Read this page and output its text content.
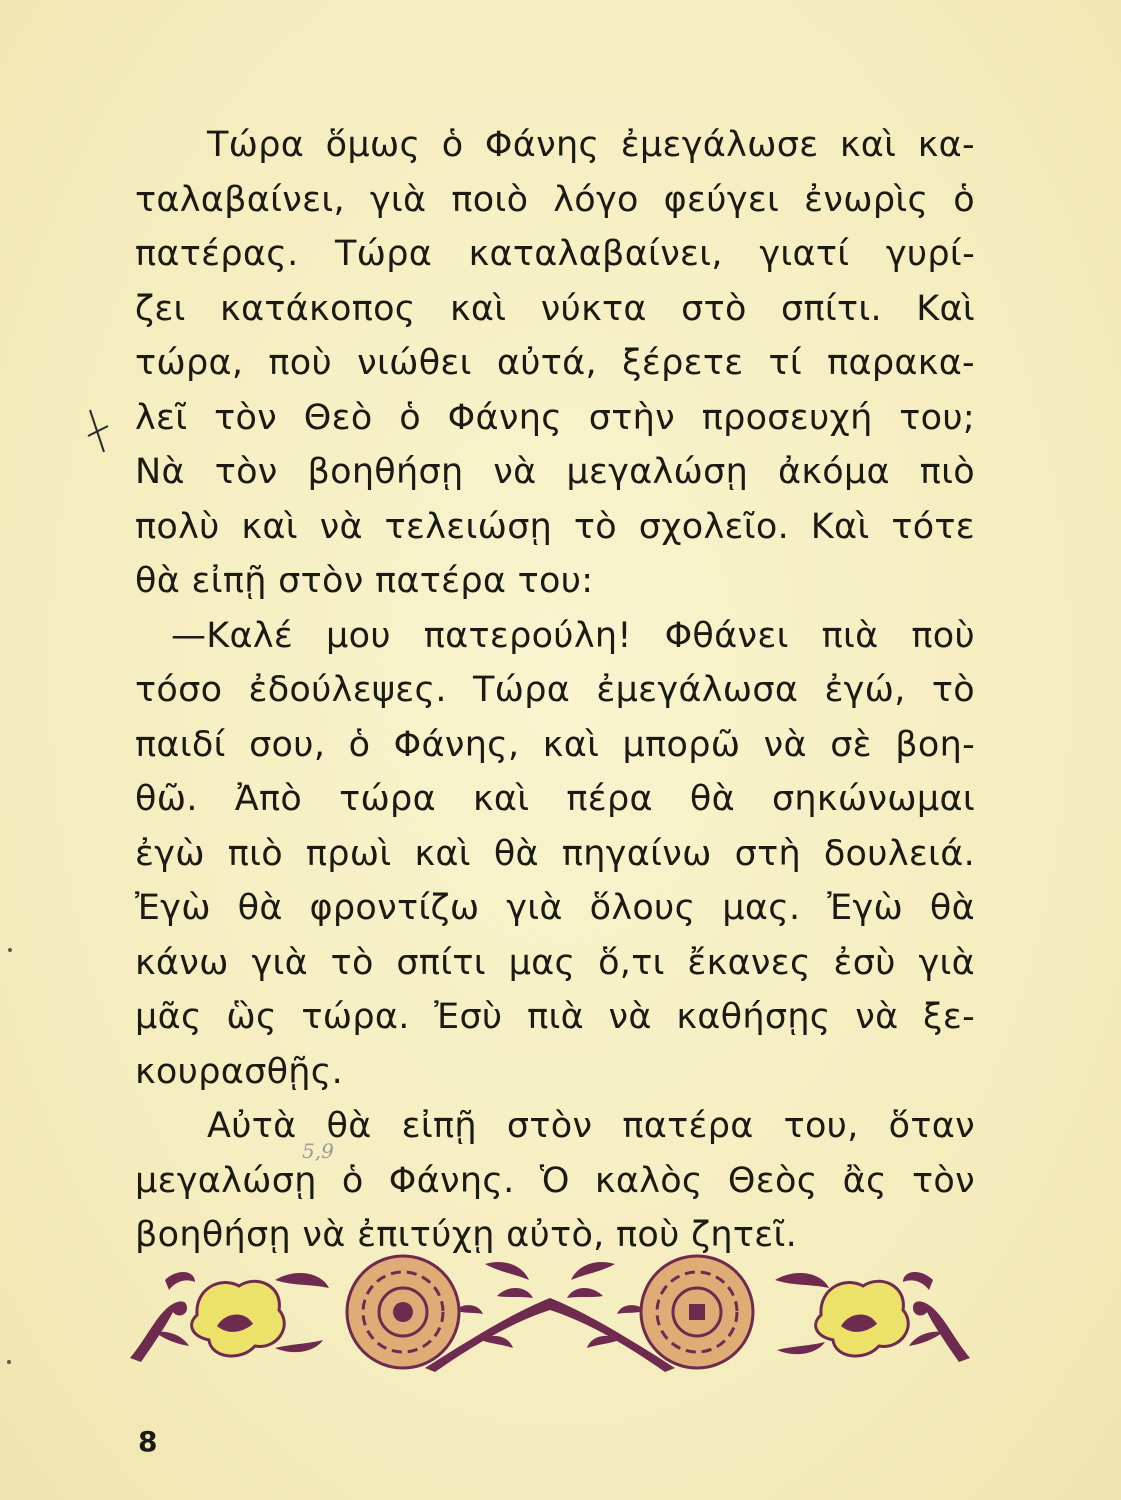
Τώρα ὅμως ὁ Φάνης ἐμεγάλωσε καὶ κα-
ταλαβαίνει, γιὰ ποιὸ λόγο φεύγει ἐνωρὶς ὁ
πατέρας. Τώρα καταλαβαίνει, γιατί γυρί-
ζει κατάκοπος καὶ νύκτα στὸ σπίτι. Καὶ
τώρα, ποὺ νιώθει αὐτά, ξέρετε τί παρακα-
λεῖ τὸν Θεὸ ὁ Φάνης στὴν προσευχή του;
Νὰ τὸν βοηθήσῃ νὰ μεγαλώσῃ ἀκόμα πιὸ
πολὺ καὶ νὰ τελειώσῃ τὸ σχολεῖο. Καὶ τότε
θὰ εἰπῇ στὸν πατέρα του:
—Καλέ μου πατερούλη! Φθάνει πιὰ ποὺ
τόσο ἐδούλεψες. Τώρα ἐμεγάλωσα ἐγώ, τὸ
παιδί σου, ὁ Φάνης, καὶ μπορῶ νὰ σὲ βοη-
θῶ. Ἀπὸ τώρα καὶ πέρα θὰ σηκώνωμαι
ἐγὼ πιὸ πρωὶ καὶ θὰ πηγαίνω στὴ δουλειά.
Ἐγὼ θὰ φροντίζω γιὰ ὅλους μας. Ἐγὼ θὰ
κάνω γιὰ τὸ σπίτι μας ὅ,τι ἔκανες ἐσὺ γιὰ
μᾶς ὣς τώρα. Ἐσὺ πιὰ νὰ καθήσῃς νὰ ξε-
κουρασθῇς.
Αὐτὰ θὰ εἰπῇ στὸν πατέρα του, ὅταν
μεγαλώσῃ ὁ Φάνης. Ὁ καλὸς Θεὸς ἂς τὸν
βοηθήσῃ νὰ ἐπιτύχῃ αὐτὸ, ποὺ ζητεῖ.
5,9
8
